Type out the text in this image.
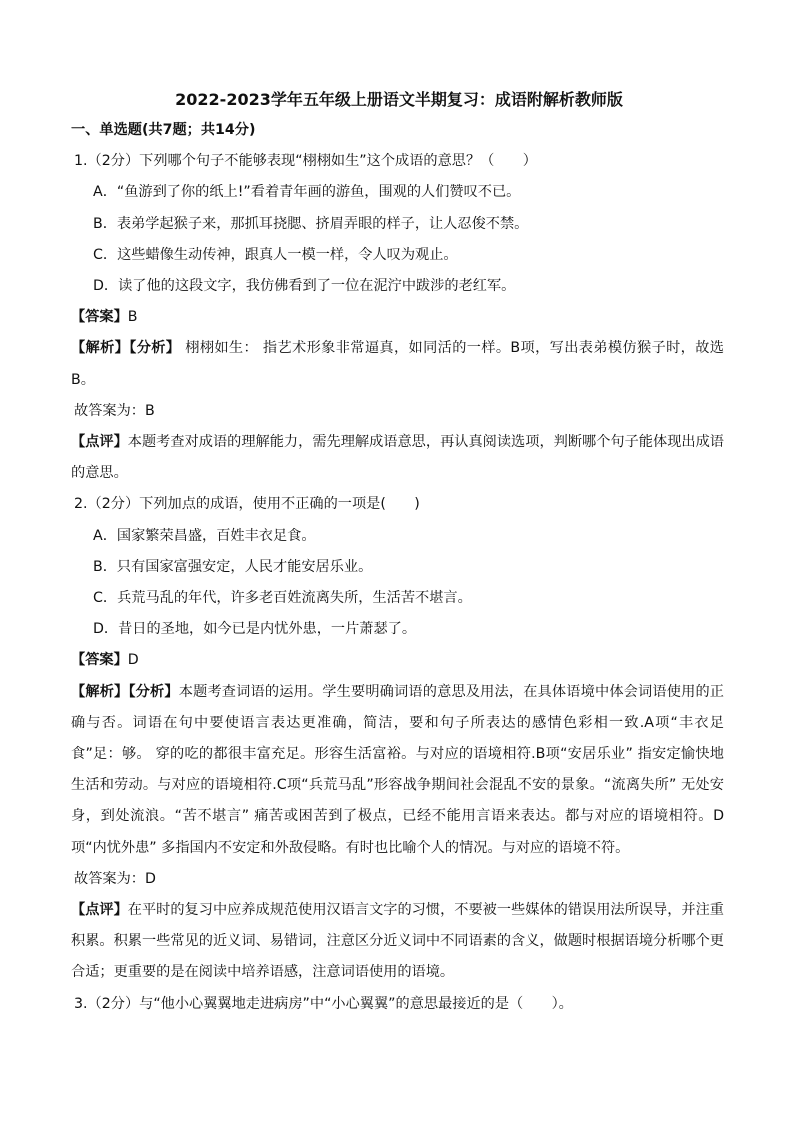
2022-2023学年五年级上册语文半期复习：成语附解析教师版

一、单选题(共7题；共14分)

1.（2分）下列哪个句子不能够表现“栩栩如生”这个成语的意思？（　　）

A．“鱼游到了你的纸上!”看着青年画的游鱼，围观的人们赞叹不已。

B．表弟学起猴子来，那抓耳挠腮、挤眉弄眼的样子，让人忍俊不禁。

C．这些蜡像生动传神，跟真人一模一样，令人叹为观止。

D．读了他的这段文字，我仿佛看到了一位在泥泞中跋涉的老红军。

【答案】B

【解析】【分析】 栩栩如生： 指艺术形象非常逼真，如同活的一样。B项，写出表弟模仿猴子时，故选B。

故答案为：B

【点评】本题考查对成语的理解能力，需先理解成语意思，再认真阅读选项，判断哪个句子能体现出成语的意思。

2.（2分）下列加点的成语，使用不正确的一项是(　　)

A．国家繁荣昌盛，百姓丰衣足食。

B．只有国家富强安定，人民才能安居乐业。

C．兵荒马乱的年代，许多老百姓流离失所，生活苦不堪言。

D．昔日的圣地，如今已是内忧外患，一片萧瑟了。

【答案】D

【解析】【分析】本题考查词语的运用。学生要明确词语的意思及用法，在具体语境中体会词语使用的正确与否。词语在句中要使语言表达更准确，简洁，要和句子所表达的感情色彩相一致.A项“丰衣足食”足：够。 穿的吃的都很丰富充足。形容生活富裕。与对应的语境相符.B项“安居乐业” 指安定愉快地生活和劳动。与对应的语境相符.C项“兵荒马乱”形容战争期间社会混乱不安的景象。“流离失所” 无处安身，到处流浪。“苦不堪言” 痛苦或困苦到了极点，已经不能用言语来表达。都与对应的语境相符。D项“内忧外患” 多指国内不安定和外敌侵略。有时也比喻个人的情况。与对应的语境不符。

故答案为：D

【点评】在平时的复习中应养成规范使用汉语言文字的习惯，不要被一些媒体的错误用法所误导，并注重积累。积累一些常见的近义词、易错词，注意区分近义词中不同语素的含义，做题时根据语境分析哪个更合适；更重要的是在阅读中培养语感，注意词语使用的语境。

3.（2分）与“他小心翼翼地走进病房”中“小心翼翼”的意思最接近的是（　　）。
